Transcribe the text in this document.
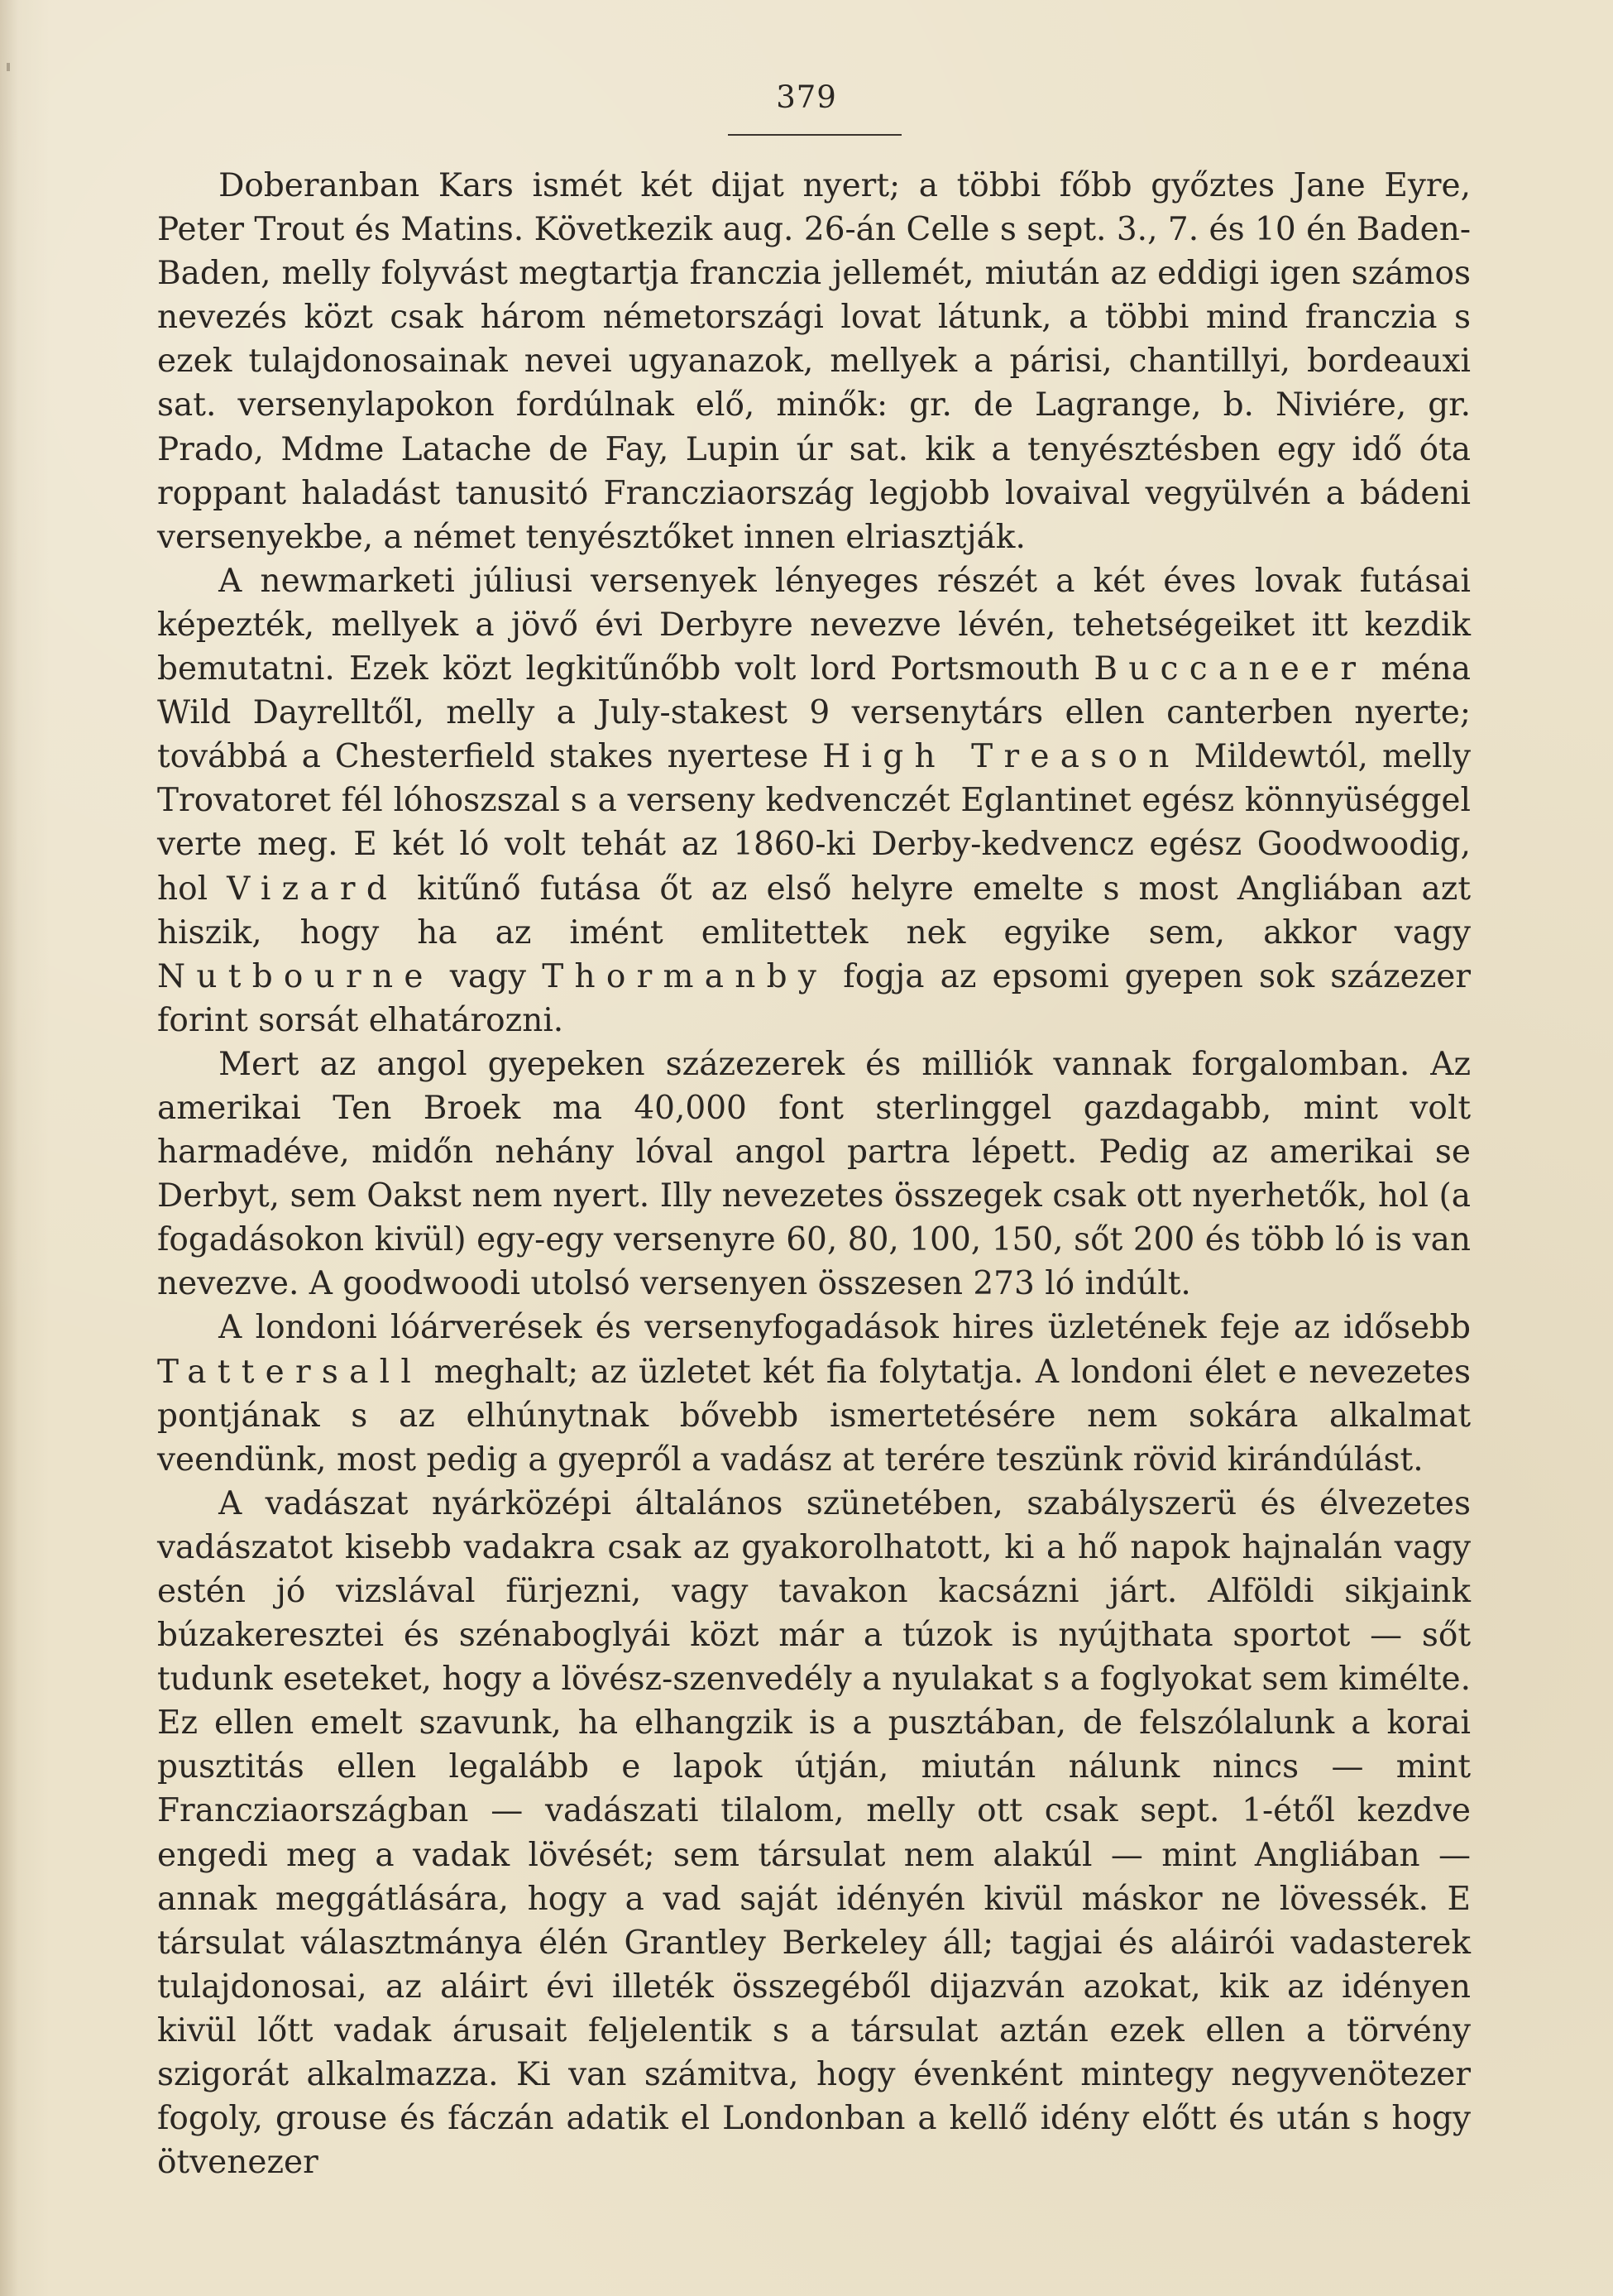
379

Doberanban Kars ismét két dijat nyert; a többi főbb győztes Jane Eyre, Peter Trout és Matins. Következik aug. 26-án Celle s sept. 3., 7. és 10 én Baden-Baden, melly folyvást megtartja franczia jellemét, miután az eddigi igen számos nevezés közt csak három németországi lovat látunk, a többi mind franczia s ezek tulajdonosainak nevei ugyanazok, mellyek a párisi, chantillyi, bordeauxi sat. versenylapokon fordúlnak elő, minők: gr. de Lagrange, b. Niviére, gr. Prado, Mdme Latache de Fay, Lupin úr sat. kik a tenyésztésben egy idő óta roppant haladást tanusitó Francziaország legjobb lovaival vegyülvén a bádeni versenyekbe, a német tenyésztőket innen elriasztják.

A newmarketi júliusi versenyek lényeges részét a két éves lovak futásai képezték, mellyek a jövő évi Derbyre nevezve lévén, tehetségeiket itt kezdik bemutatni. Ezek közt legkitűnőbb volt lord Portsmouth Buccaneer ména Wild Dayrelltől, melly a July-stakest 9 versenytárs ellen canterben nyerte; továbbá a Chesterfield stakes nyertese High Treason Mildewtól, melly Trovatoret fél lóhoszszal s a verseny kedvenczét Eglantinet egész könnyüséggel verte meg. E két ló volt tehát az 1860-ki Derby-kedvencz egész Goodwoodig, hol Vizard kitűnő futása őt az első helyre emelte s most Angliában azt hiszik, hogy ha az imént emlitettek nek egyike sem, akkor vagy Nutbourne vagy Thormanby fogja az epsomi gyepen sok százezer forint sorsát elhatározni.

Mert az angol gyepeken százezerek és milliók vannak forgalomban. Az amerikai Ten Broek ma 40,000 font sterlinggel gazdagabb, mint volt harmadéve, midőn nehány lóval angol partra lépett. Pedig az amerikai se Derbyt, sem Oakst nem nyert. Illy nevezetes összegek csak ott nyerhetők, hol (a fogadásokon kivül) egy-egy versenyre 60, 80, 100, 150, sőt 200 és több ló is van nevezve. A goodwoodi utolsó versenyen összesen 273 ló indúlt.

A londoni lóárverések és versenyfogadások hires üzletének feje az idősebb Tattersall meghalt; az üzletet két fia folytatja. A londoni élet e nevezetes pontjának s az elhúnytnak bővebb ismertetésére nem sokára alkalmat veendünk, most pedig a gyepről a vadász at terére teszünk rövid kirándúlást.

A vadászat nyárközépi általános szünetében, szabályszerü és élvezetes vadászatot kisebb vadakra csak az gyakorolhatott, ki a hő napok hajnalán vagy estén jó vizslával fürjezni, vagy tavakon kacsázni járt. Alföldi sikjaink búzakeresztei és szénaboglyái közt már a túzok is nyújthata sportot — sőt tudunk eseteket, hogy a lövész-szenvedély a nyulakat s a foglyokat sem kimélte. Ez ellen emelt szavunk, ha elhangzik is a pusztában, de felszólalunk a korai pusztitás ellen legalább e lapok útján, miután nálunk nincs — mint Francziaországban — vadászati tilalom, melly ott csak sept. 1-étől kezdve engedi meg a vadak lövését; sem társulat nem alakúl — mint Angliában — annak meggátlására, hogy a vad saját idényén kivül máskor ne lövessék. E társulat választmánya élén Grantley Berkeley áll; tagjai és aláirói vadasterek tulajdonosai, az aláirt évi illeték összegéből dijazván azokat, kik az idényen kivül lőtt vadak árusait feljelentik s a társulat aztán ezek ellen a törvény szigorát alkalmazza. Ki van számitva, hogy évenként mintegy negyvenötezer fogoly, grouse és fáczán adatik el Londonban a kellő idény előtt és után s hogy ötvenezer
